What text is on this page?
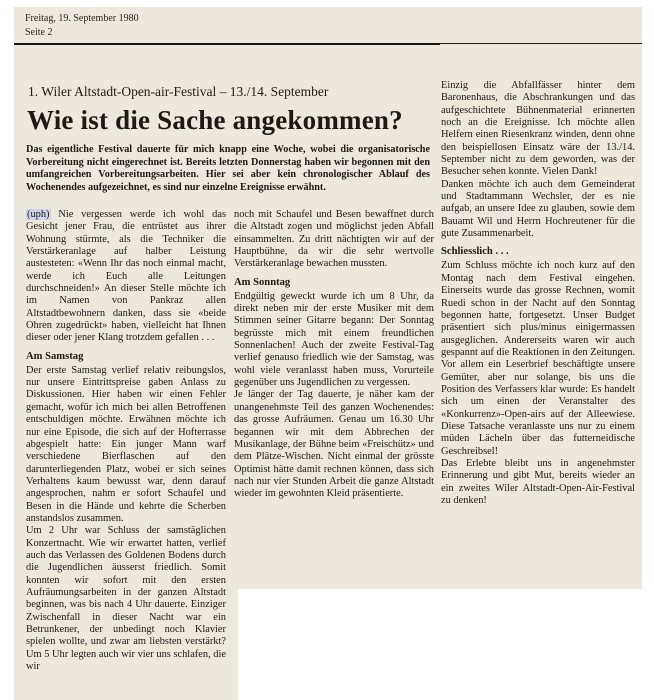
Freitag, 19. September 1980
Seite 2
1. Wiler Altstadt-Open-air-Festival – 13./14. September
Wie ist die Sache angekommen?
Das eigentliche Festival dauerte für mich knapp eine Woche, wobei die organisatorische Vorbereitung nicht eingerechnet ist. Bereits letzten Donnerstag haben wir begonnen mit den umfangreichen Vorbereitungsarbeiten. Hier sei aber kein chronologischer Ablauf des Wochenendes aufgezeichnet, es sind nur einzelne Ereignisse erwähnt.

(uph) Nie vergessen werde ich wohl das Gesicht jener Frau, die entrüstet aus ihrer Wohnung stürmte, als die Techniker die Verstärkeranlage auf halber Leistung austesteten: «Wenn Ihr das noch einmal macht, werde ich Euch alle Leitungen durchschneiden!» An dieser Stelle möchte ich im Namen von Pankraz allen Altstadtbewohnern danken, dass sie «beide Ohren zugedrückt» haben, vielleicht hat Ihnen dieser oder jener Klang trotzdem gefallen . . .

Am Samstag

Der erste Samstag verlief relativ reibungslos, nur unsere Eintrittspreise gaben Anlass zu Diskussionen. Hier haben wir einen Fehler gemacht, wofür ich mich bei allen Betroffenen entschuldigen möchte. Erwähnen möchte ich nur eine Episode, die sich auf der Hofterrasse abgespielt hatte: Ein junger Mann warf verschiedene Bierflaschen auf den darunterliegenden Platz, wobei er sich seines Verhaltens kaum bewusst war, denn darauf angesprochen, nahm er sofort Schaufel und Besen in die Hände und kehrte die Scherben anstandslos zusammen.

Um 2 Uhr war Schluss der samstäglichen Konzertnacht. Wie wir erwartet hatten, verlief auch das Verlassen des Goldenen Bodens durch die Jugendlichen äusserst friedlich. Somit konnten wir sofort mit den ersten Aufräumungsarbeiten in der ganzen Altstadt beginnen, was bis nach 4 Uhr dauerte. Einziger Zwischenfall in dieser Nacht war ein Betrunkener, der unbedingt noch Klavier spielen wollte, und zwar am liebsten verstärkt? Um 5 Uhr legten auch wir vier uns schlafen, die wir

noch mit Schaufel und Besen bewaffnet durch die Altstadt zogen und möglichst jeden Abfall einsammelten. Zu dritt nächtigten wir auf der Hauptbühne, da wir die sehr wertvolle Verstärkeranlage bewachen mussten.

Am Sonntag

Endgültig geweckt wurde ich um 8 Uhr, da direkt neben mir der erste Musiker mit dem Stimmen seiner Gitarre begann: Der Sonntag begrüsste mich mit einem freundlichen Sonnenlachen! Auch der zweite Festival-Tag verlief genauso friedlich wie der Samstag, was wohl viele veranlasst haben muss, Vorurteile gegenüber uns Jugendlichen zu vergessen.

Je länger der Tag dauerte, je näher kam der unangenehmste Teil des ganzen Wochenendes: das grosse Aufräumen. Genau um 16.30 Uhr begannen wir mit dem Abbrechen der Musikanlage, der Bühne beim «Freischütz» und dem Plätze-Wischen. Nicht einmal der grösste Optimist hätte damit rechnen können, dass sich nach nur vier Stunden Arbeit die ganze Altstadt wieder im gewohnten Kleid präsentierte.

Einzig die Abfallfässer hinter dem Baronenhaus, die Abschrankungen und das aufgeschichtete Bühnenmaterial erinnerten noch an die Ereignisse. Ich möchte allen Helfern einen Riesenkranz winden, denn ohne den beispiellosen Einsatz wäre der 13./14. September nicht zu dem geworden, was der Besucher sehen konnte. Vielen Dank!

Danken möchte ich auch dem Gemeinderat und Stadtammann Wechsler, der es nie aufgab, an unsere Idee zu glauben, sowie dem Bauamt Wil und Herrn Hochreutener für die gute Zusammenarbeit.

Schliesslich . . .

Zum Schluss möchte ich noch kurz auf den Montag nach dem Festival eingehen. Einerseits wurde das grosse Rechnen, womit Ruedi schon in der Nacht auf den Sonntag begonnen hatte, fortgesetzt. Unser Budget präsentiert sich plus/minus einigermassen ausgeglichen. Andererseits waren wir auch gespannt auf die Reaktionen in den Zeitungen. Vor allem ein Leserbrief beschäftigte unsere Gemüter, aber nur solange, bis uns die Position des Verfassers klar wurde: Es handelt sich um einen der Veranstalter des «Konkurrenz»-Open-airs auf der Alleewiese. Diese Tatsache veranlasste uns nur zu einem müden Lächeln über das futterneidische Geschreibsel!

Das Erlebte bleibt uns in angenehmster Erinnerung und gibt Mut, bereits wieder an ein zweites Wiler Altstadt-Open-Air-Festival zu denken!
